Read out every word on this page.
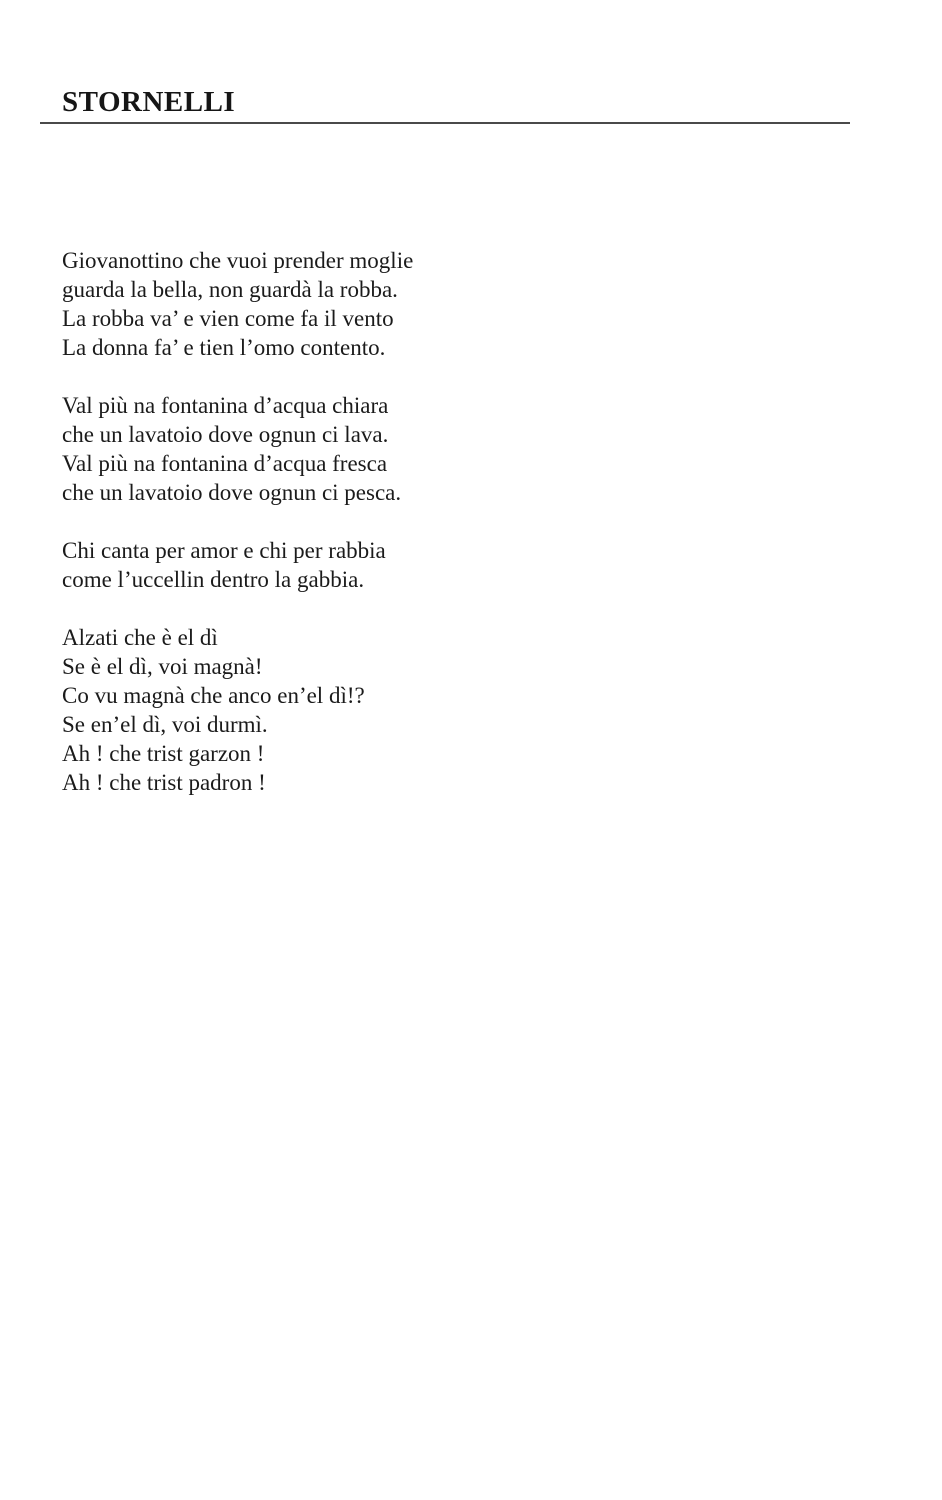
STORNELLI
Giovanottino che vuoi prender moglie
guarda la bella, non guardà la robba.
La robba va’ e vien come fa il vento
La donna fa’ e tien l’omo contento.
Val più na fontanina d’acqua chiara
che un lavatoio dove ognun ci lava.
Val più na fontanina d’acqua fresca
che un lavatoio dove ognun ci pesca.
Chi canta per amor e chi per rabbia
come l’uccellin dentro la gabbia.
Alzati che è el dì
Se è el dì, voi magnà!
Co vu magnà che anco en’el dì!?
Se en’el dì, voi durmì.
Ah ! che trist garzon !
Ah ! che trist padron !
